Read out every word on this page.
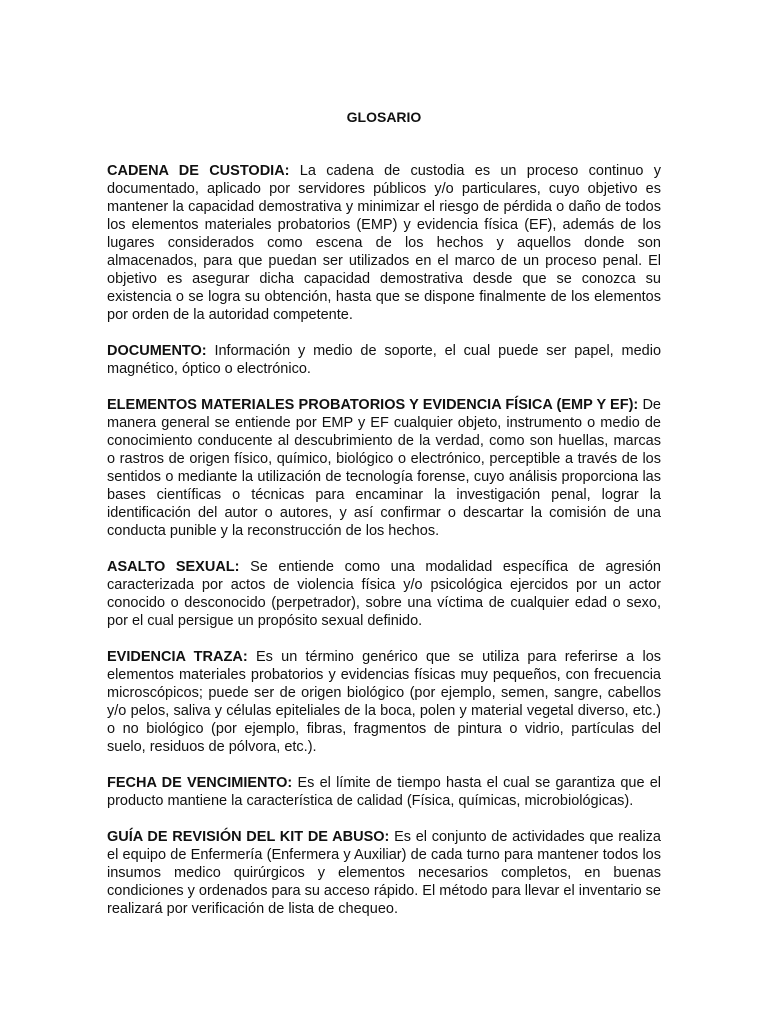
GLOSARIO

CADENA DE CUSTODIA: La cadena de custodia es un proceso continuo y documentado, aplicado por servidores públicos y/o particulares, cuyo objetivo es mantener la capacidad demostrativa y minimizar el riesgo de pérdida o daño de todos los elementos materiales probatorios (EMP) y evidencia física (EF), además de los lugares considerados como escena de los hechos y aquellos donde son almacenados, para que puedan ser utilizados en el marco de un proceso penal. El objetivo es asegurar dicha capacidad demostrativa desde que se conozca su existencia o se logra su obtención, hasta que se dispone finalmente de los elementos por orden de la autoridad competente.

DOCUMENTO: Información y medio de soporte, el cual puede ser papel, medio magnético, óptico o electrónico.

ELEMENTOS MATERIALES PROBATORIOS Y EVIDENCIA FÍSICA (EMP Y EF): De manera general se entiende por EMP y EF cualquier objeto, instrumento o medio de conocimiento conducente al descubrimiento de la verdad, como son huellas, marcas o rastros de origen físico, químico, biológico o electrónico, perceptible a través de los sentidos o mediante la utilización de tecnología forense, cuyo análisis proporciona las bases científicas o técnicas para encaminar la investigación penal, lograr la identificación del autor o autores, y así confirmar o descartar la comisión de una conducta punible y la reconstrucción de los hechos.

ASALTO SEXUAL: Se entiende como una modalidad específica de agresión caracterizada por actos de violencia física y/o psicológica ejercidos por un actor conocido o desconocido (perpetrador), sobre una víctima de cualquier edad o sexo, por el cual persigue un propósito sexual definido.

EVIDENCIA TRAZA: Es un término genérico que se utiliza para referirse a los elementos materiales probatorios y evidencias físicas muy pequeños, con frecuencia microscópicos; puede ser de origen biológico (por ejemplo, semen, sangre, cabellos y/o pelos, saliva y células epiteliales de la boca, polen y material vegetal diverso, etc.) o no biológico (por ejemplo, fibras, fragmentos de pintura o vidrio, partículas del suelo, residuos de pólvora, etc.).

FECHA DE VENCIMIENTO: Es el límite de tiempo hasta el cual se garantiza que el producto mantiene la característica de calidad (Física, químicas, microbiológicas).

GUÍA DE REVISIÓN DEL KIT DE ABUSO: Es el conjunto de actividades que realiza el equipo de Enfermería (Enfermera y Auxiliar) de cada turno para mantener todos los insumos medico quirúrgicos y elementos necesarios completos, en buenas condiciones y ordenados para su acceso rápido. El método para llevar el inventario se realizará por verificación de lista de chequeo.
